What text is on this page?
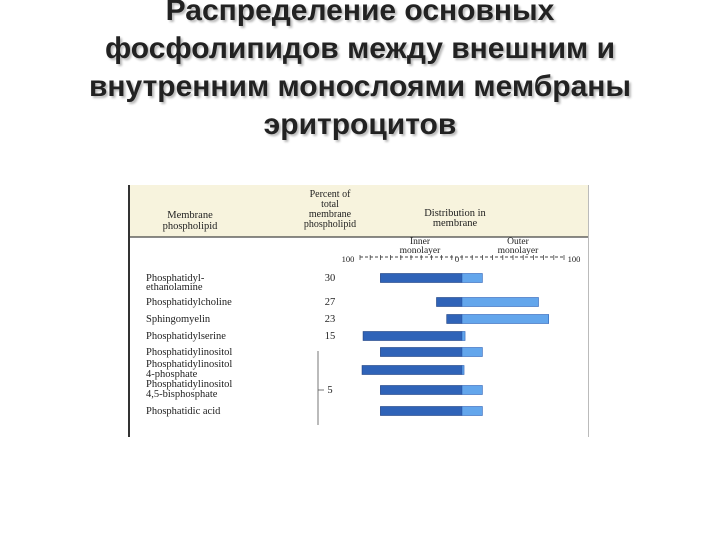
Распределение основных
фосфолипидов между внешним и
внутренним монослоями мембраны
эритроцитов
Membrane
phospholipid
Percent of
total
membrane
phospholipid
Distribution in
membrane
Inner
monolayer
Outer
monolayer
100	0	100
Phosphatidyl-
ethanolamine
30
Phosphatidylcholine	27
Sphingomyelin	23
Phosphatidylserine	15
Phosphatidylinositol
Phosphatidylinositol
4-phosphate
Phosphatidylinositol
4,5-bisphosphate	5
Phosphatidic acid
